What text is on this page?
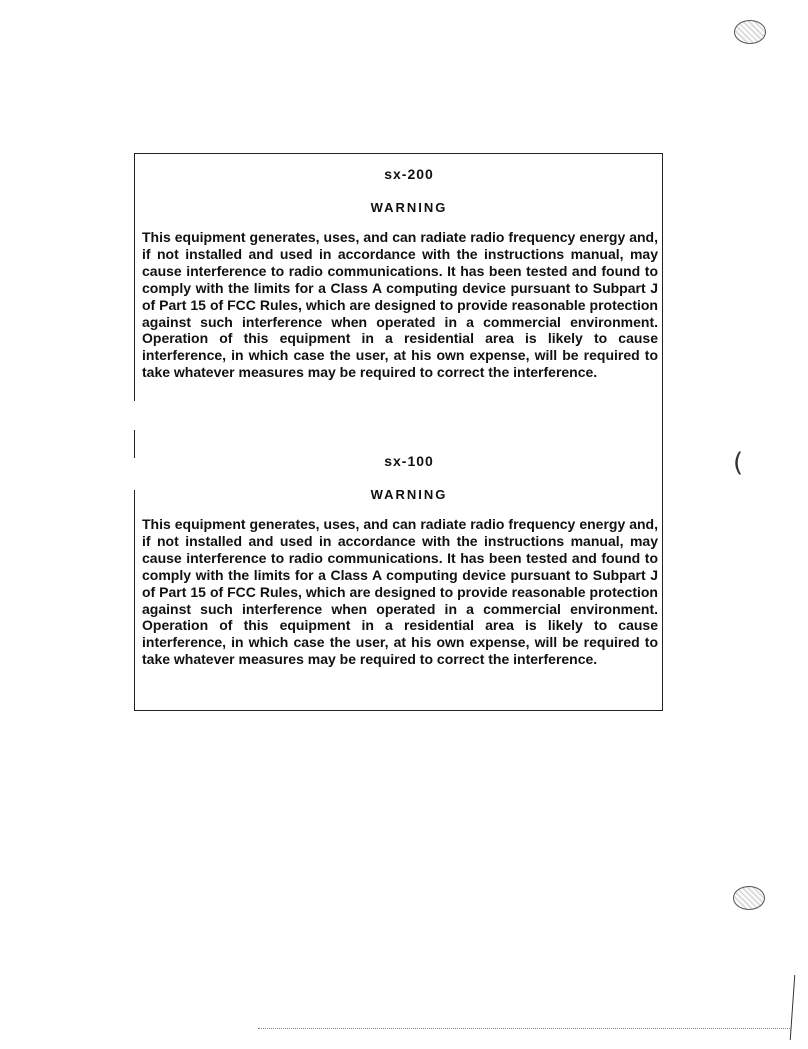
sx-200
WARNING

This equipment generates, uses, and can radiate radio frequency energy and, if not installed and used in accordance with the instructions manual, may cause interference to radio communications. It has been tested and found to comply with the limits for a Class A computing device pursuant to Subpart J of Part 15 of FCC Rules, which are designed to provide reasonable protection against such interference when operated in a commercial environment. Operation of this equipment in a residential area is likely to cause interference, in which case the user, at his own expense, will be required to take whatever measures may be required to correct the interference.

sx-100
WARNING

This equipment generates, uses, and can radiate radio frequency energy and, if not installed and used in accordance with the instructions manual, may cause interference to radio communications. It has been tested and found to comply with the limits for a Class A computing device pursuant to Subpart J of Part 15 of FCC Rules, which are designed to provide reasonable protection against such interference when operated in a commercial environment. Operation of this equipment in a residential area is likely to cause interference, in which case the user, at his own expense, will be required to take whatever measures may be required to correct the interference.

(
